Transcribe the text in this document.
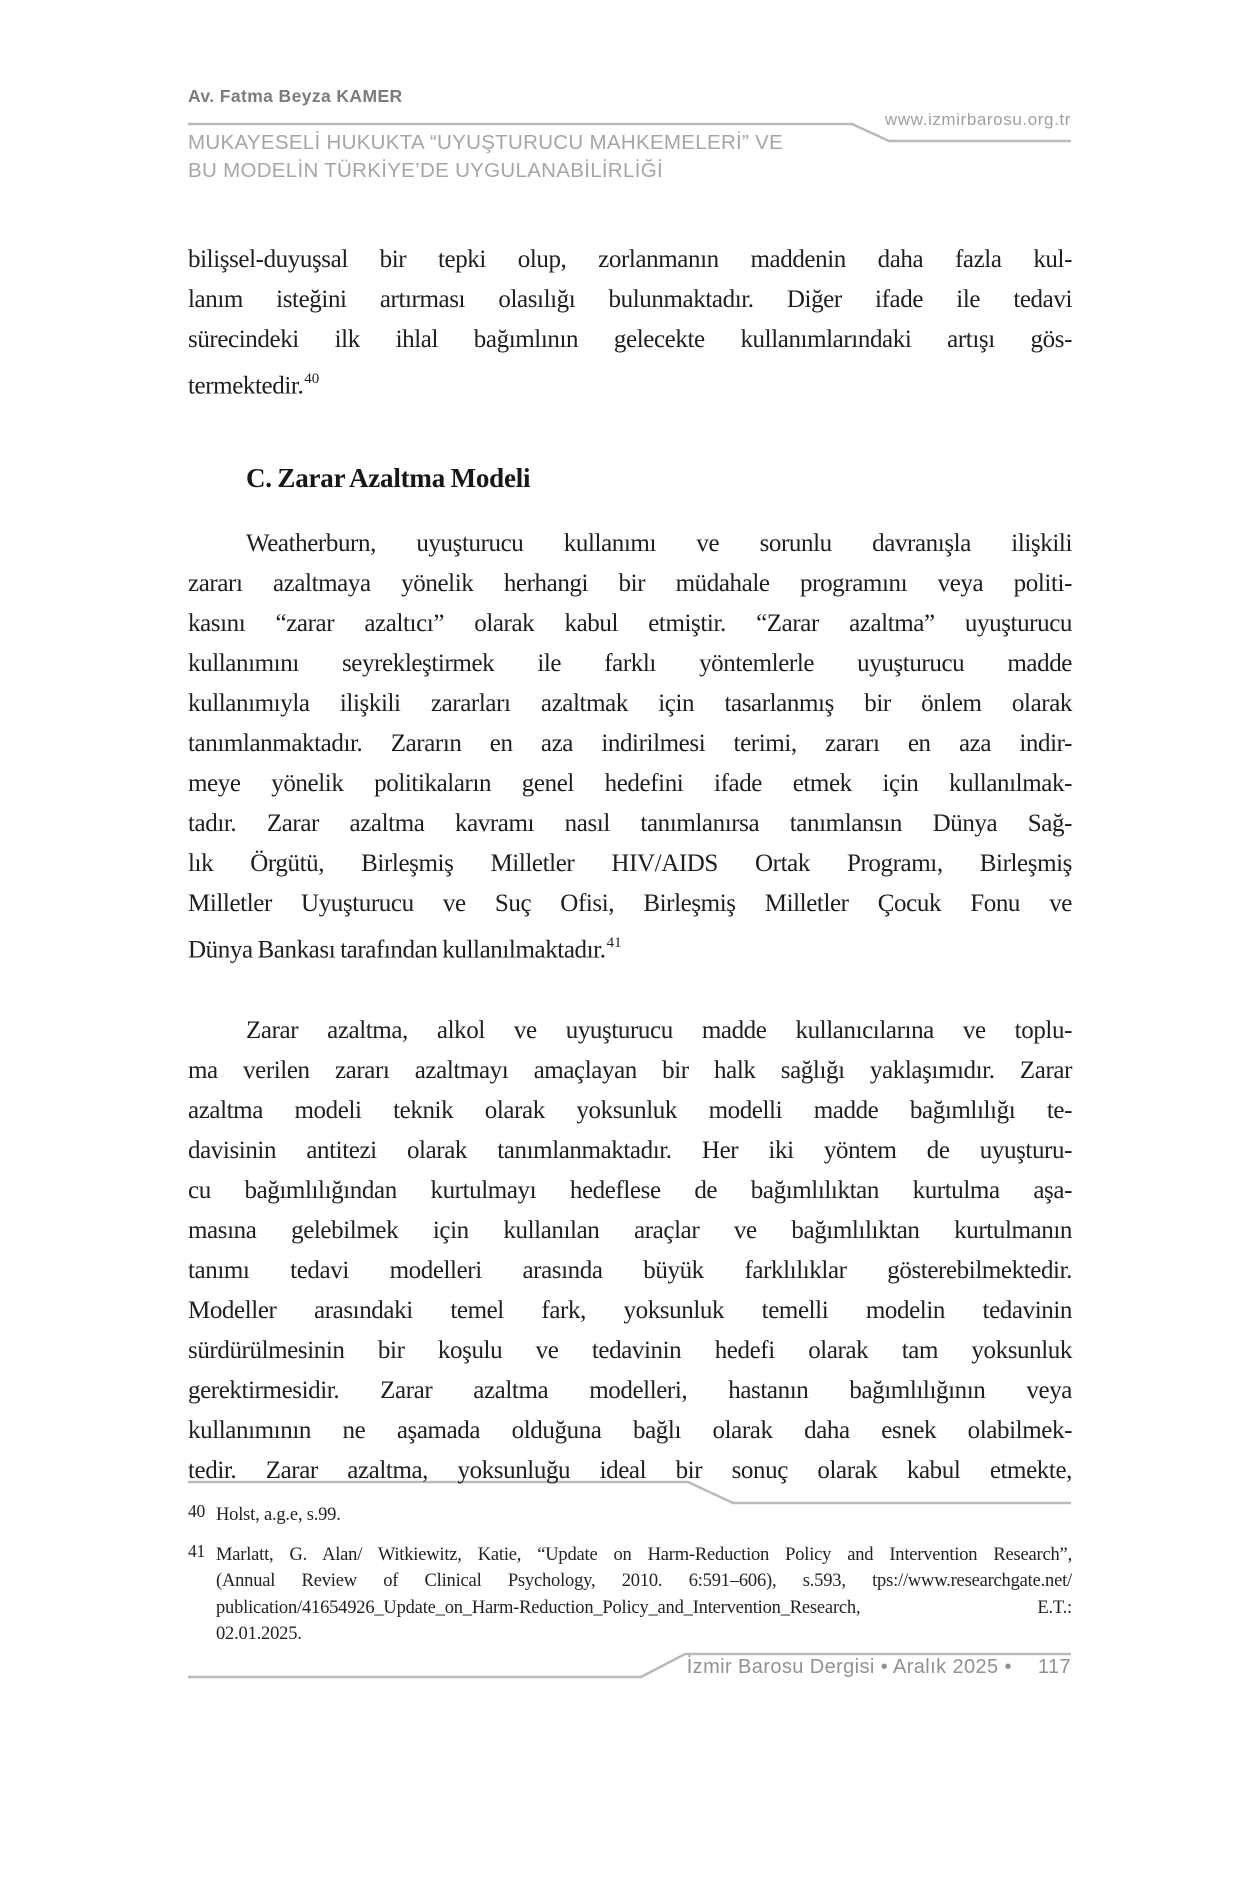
Av. Fatma Beyza KAMER
www.izmirbarosu.org.tr
MUKAYESELİ HUKUKTA “UYUŞTURUCU MAHKEMELERİ” VE
BU MODELİN TÜRKİYE’DE UYGULANABİLİRLİĞİ
bilişsel-duyuşsal bir tepki olup, zorlanmanın maddenin daha fazla kul-
lanım isteğini artırması olasılığı bulunmaktadır. Diğer ifade ile tedavi
sürecindeki ilk ihlal bağımlının gelecekte kullanımlarındaki artışı gös-
termektedir.$^{40}$
C. Zarar Azaltma Modeli
Weatherburn, uyuşturucu kullanımı ve sorunlu davranışla ilişkili
zararı azaltmaya yönelik herhangi bir müdahale programını veya politi-
kasını “zarar azaltıcı” olarak kabul etmiştir. “Zarar azaltma” uyuşturucu
kullanımını seyrekleştirmek ile farklı yöntemlerle uyuşturucu madde
kullanımıyla ilişkili zararları azaltmak için tasarlanmış bir önlem olarak
tanımlanmaktadır. Zararın en aza indirilmesi terimi, zararı en aza indir-
meye yönelik politikaların genel hedefini ifade etmek için kullanılmak-
tadır. Zarar azaltma kavramı nasıl tanımlanırsa tanımlansın Dünya Sağ-
lık Örgütü, Birleşmiş Milletler HIV/AIDS Ortak Programı, Birleşmiş
Milletler Uyuşturucu ve Suç Ofisi, Birleşmiş Milletler Çocuk Fonu ve
Dünya Bankası tarafından kullanılmaktadır.$^{41}$
Zarar azaltma, alkol ve uyuşturucu madde kullanıcılarına ve toplu-
ma verilen zararı azaltmayı amaçlayan bir halk sağlığı yaklaşımıdır. Zarar
azaltma modeli teknik olarak yoksunluk modelli madde bağımlılığı te-
davisinin antitezi olarak tanımlanmaktadır. Her iki yöntem de uyuşturu-
cu bağımlılığından kurtulmayı hedeflese de bağımlılıktan kurtulma aşa-
masına gelebilmek için kullanılan araçlar ve bağımlılıktan kurtulmanın
tanımı tedavi modelleri arasında büyük farklılıklar gösterebilmektedir.
Modeller arasındaki temel fark, yoksunluk temelli modelin tedavinin
sürdürülmesinin bir koşulu ve tedavinin hedefi olarak tam yoksunluk
gerektirmesidir. Zarar azaltma modelleri, hastanın bağımlılığının veya
kullanımının ne aşamada olduğuna bağlı olarak daha esnek olabilmek-
tedir. Zarar azaltma, yoksunluğu ideal bir sonuç olarak kabul etmekte,
40 Holst, a.g.e, s.99.
41 Marlatt, G. Alan/ Witkiewitz, Katie, “Update on Harm-Reduction Policy and Intervention Research”,
(Annual Review of Clinical Psychology, 2010. 6:591–606), s.593, tps://www.researchgate.net/
publication/41654926_Update_on_Harm-Reduction_Policy_and_Intervention_Research, E.T.:
02.01.2025.
İzmir Barosu Dergisi • Aralık 2025 • 117
